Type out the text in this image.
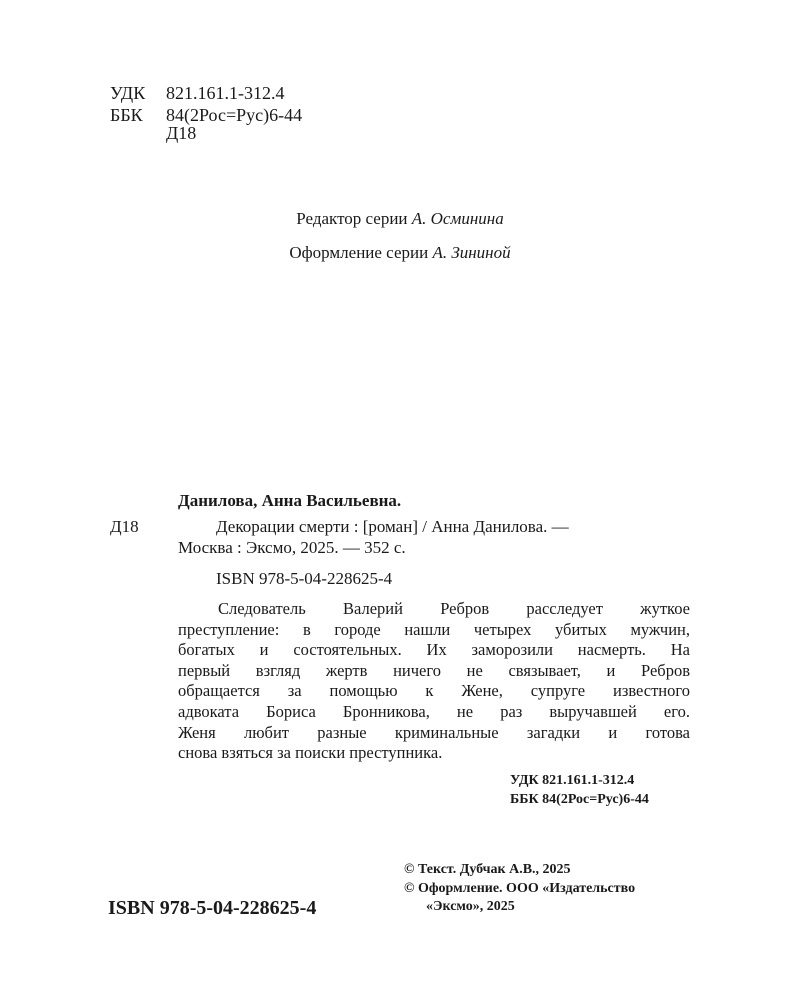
УДК 821.161.1-312.4
ББК 84(2Рос=Рус)6-44
Д18
Редактор серии А. Осминина
Оформление серии А. Зининой
Данилова, Анна Васильевна.
Д18	Декорации смерти : [роман] / Анна Данилова. —
Москва : Эксмо, 2025. — 352 с.
ISBN 978-5-04-228625-4
Следователь Валерий Ребров расследует жуткое
преступление: в городе нашли четырех убитых мужчин,
богатых и состоятельных. Их заморозили насмерть. На
первый взгляд жертв ничего не связывает, и Ребров
обращается за помощью к Жене, супруге известного
адвоката Бориса Бронникова, не раз выручавшей его.
Женя любит разные криминальные загадки и готова
снова взяться за поиски преступника.
УДК 821.161.1-312.4
ББК 84(2Рос=Рус)6-44
© Текст. Дубчак А.В., 2025
© Оформление. ООО «Издательство
«Эксмо», 2025
ISBN 978-5-04-228625-4
